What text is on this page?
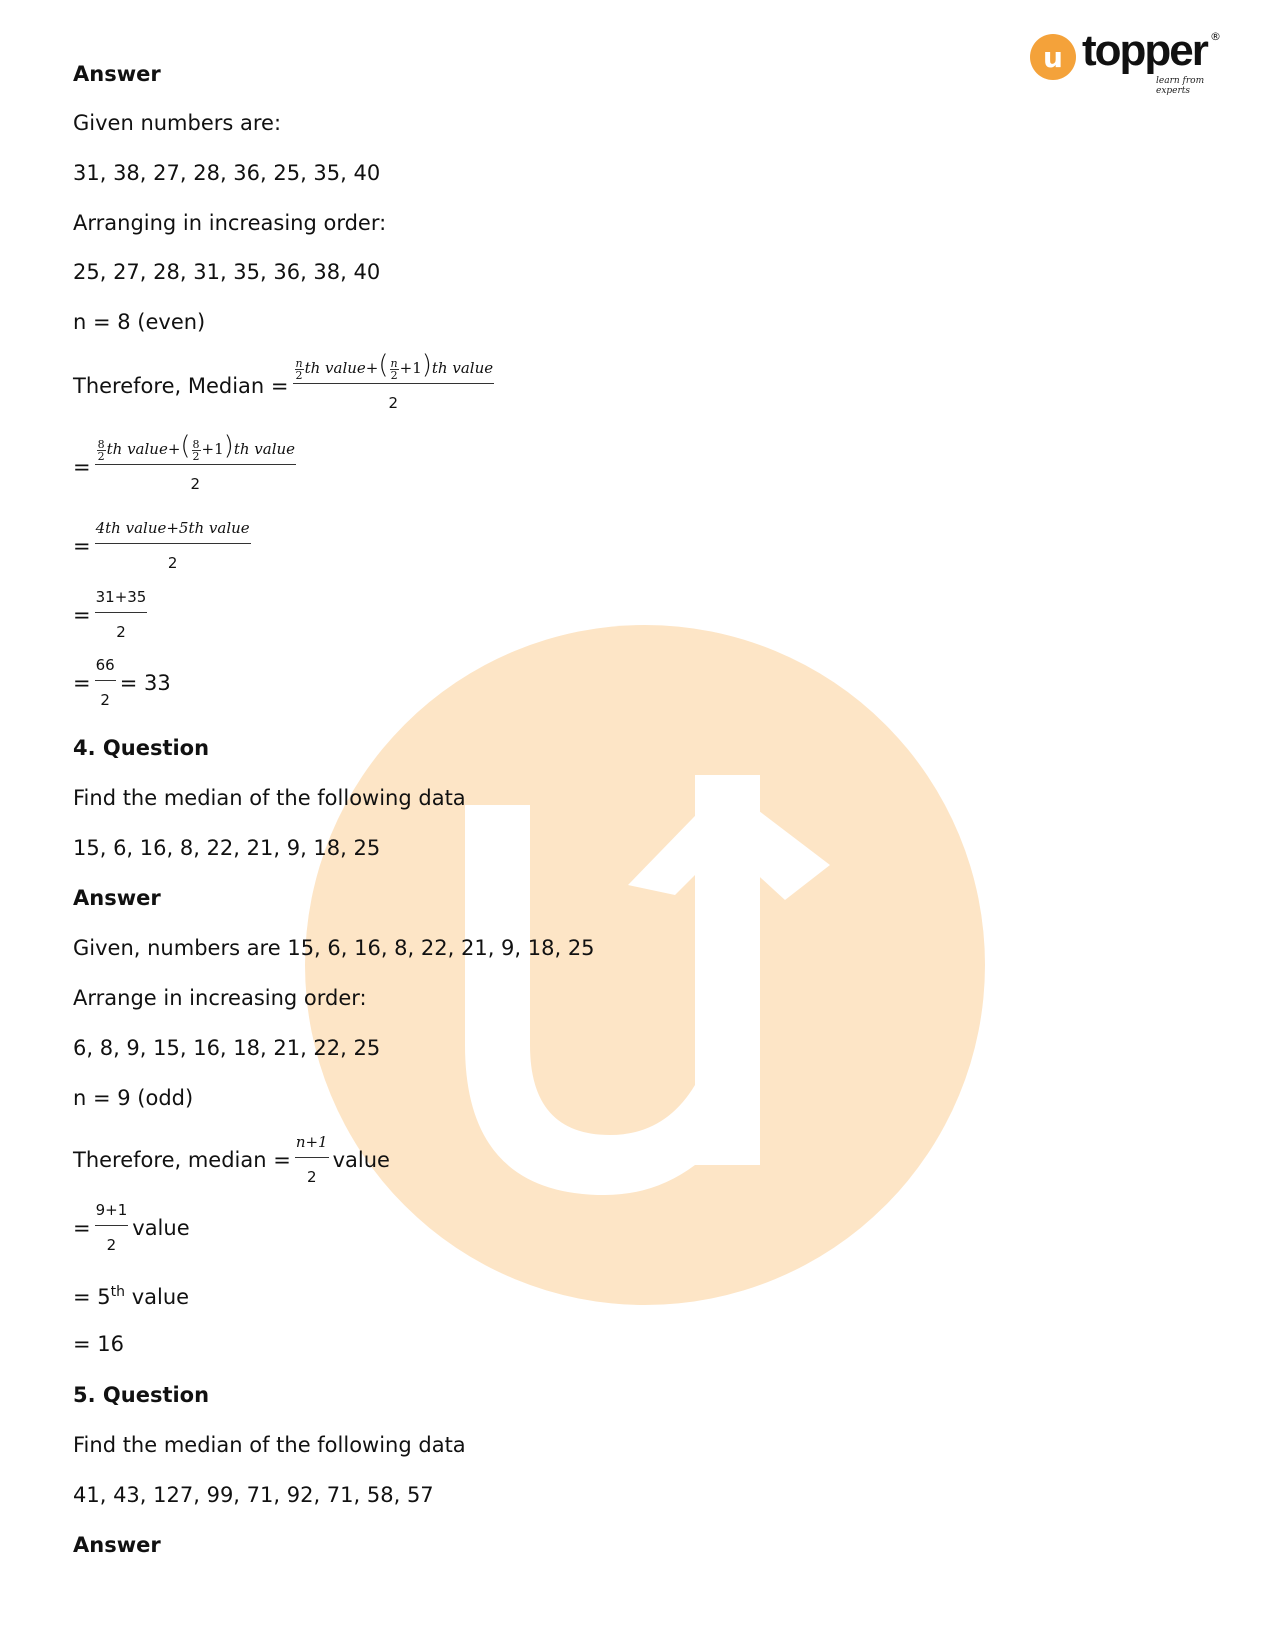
u topper ®
learn from experts
Answer
Given numbers are:
31, 38, 27, 28, 36, 25, 35, 40
Arranging in increasing order:
25, 27, 28, 31, 35, 36, 38, 40
n = 8 (even)
Therefore, Median = $\frac{\frac{n}{2} th value+( \frac{n}{2} +1)th value}{2}$
= $\frac{\frac{8}{2} th value+( \frac{8}{2} +1)th value}{2}$
= $\frac{\text{4th value+5th value}}{2}$
= $\frac{31+35}{2}$
= $\frac{66}{2} = 33$
4. Question
Find the median of the following data
15, 6, 16, 8, 22, 21, 9, 18, 25
Answer
Given, numbers are 15, 6, 16, 8, 22, 21, 9, 18, 25
Arrange in increasing order:
6, 8, 9, 15, 16, 18, 21, 22, 25
n = 9 (odd)
Therefore, median = $\frac{n+1}{2}$ value
= $\frac{9+1}{2}$ value
= 5th value
= 16
5. Question
Find the median of the following data
41, 43, 127, 99, 71, 92, 71, 58, 57
Answer
